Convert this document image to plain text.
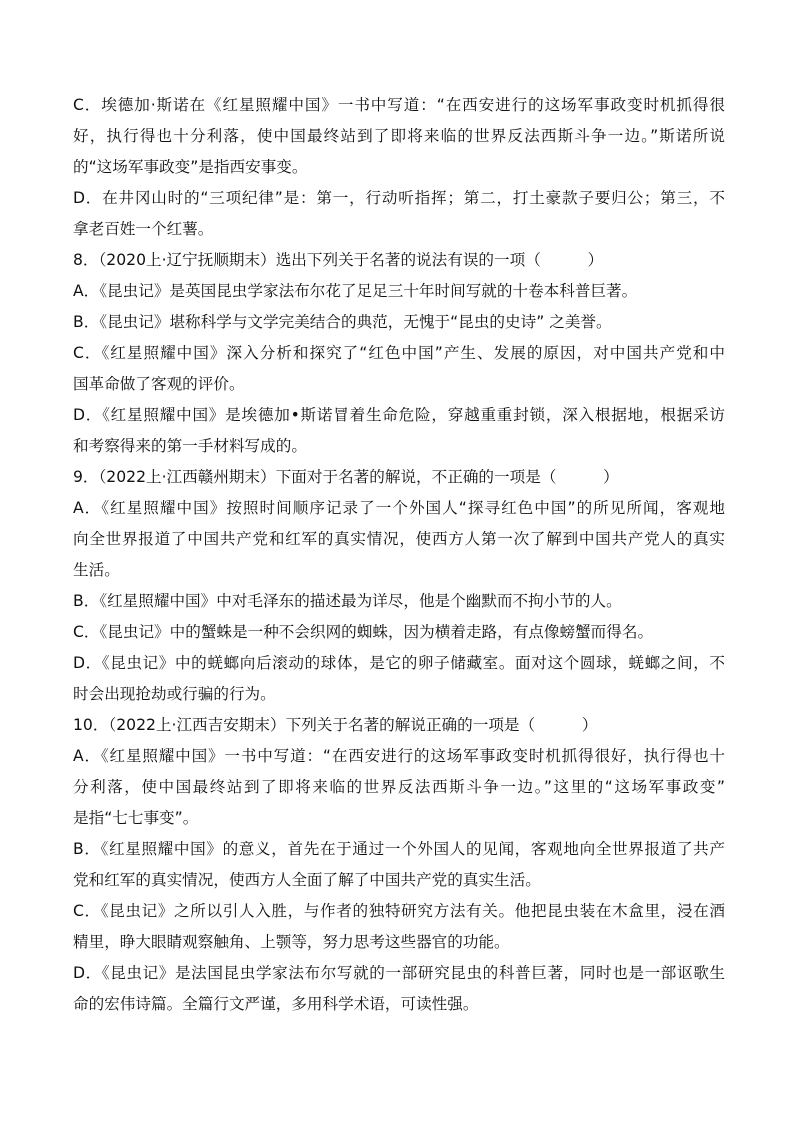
C．埃德加·斯诺在《红星照耀中国》一书中写道：“在西安进行的这场军事政变时机抓得很
好，执行得也十分利落，使中国最终站到了即将来临的世界反法西斯斗争一边。”斯诺所说
的“这场军事政变”是指西安事变。
D．在井冈山时的“三项纪律”是：第一，行动听指挥；第二，打土豪款子要归公；第三，不
拿老百姓一个红薯。
8．（2020上·辽宁抚顺期末）选出下列关于名著的说法有误的一项（　　　）
A．《昆虫记》是英国昆虫学家法布尔花了足足三十年时间写就的十卷本科普巨著。
B．《昆虫记》堪称科学与文学完美结合的典范，无愧于“昆虫的史诗” 之美誉。
C．《红星照耀中国》深入分析和探究了“红色中国”产生、发展的原因，对中国共产党和中
国革命做了客观的评价。
D．《红星照耀中国》是埃德加•斯诺冒着生命危险，穿越重重封锁，深入根据地，根据采访
和考察得来的第一手材料写成的。
9．（2022上·江西赣州期末）下面对于名著的解说，不正确的一项是（　　　）
A．《红星照耀中国》按照时间顺序记录了一个外国人“探寻红色中国”的所见所闻，客观地
向全世界报道了中国共产党和红军的真实情况，使西方人第一次了解到中国共产党人的真实
生活。
B．《红星照耀中国》中对毛泽东的描述最为详尽，他是个幽默而不拘小节的人。
C．《昆虫记》中的蟹蛛是一种不会织网的蜘蛛，因为横着走路，有点像螃蟹而得名。
D．《昆虫记》中的蜣螂向后滚动的球体，是它的卵子储藏室。面对这个圆球，蜣螂之间，不
时会出现抢劫或行骗的行为。
10．（2022上·江西吉安期末）下列关于名著的解说正确的一项是（　　　）
A．《红星照耀中国》一书中写道：“在西安进行的这场军事政变时机抓得很好，执行得也十
分利落，使中国最终站到了即将来临的世界反法西斯斗争一边。”这里的“这场军事政变”
是指“七七事变”。
B．《红星照耀中国》的意义，首先在于通过一个外国人的见闻，客观地向全世界报道了共产
党和红军的真实情况，使西方人全面了解了中国共产党的真实生活。
C．《昆虫记》之所以引人入胜，与作者的独特研究方法有关。他把昆虫装在木盒里，浸在酒
精里，睁大眼睛观察触角、上颚等，努力思考这些器官的功能。
D．《昆虫记》是法国昆虫学家法布尔写就的一部研究昆虫的科普巨著，同时也是一部讴歌生
命的宏伟诗篇。全篇行文严谨，多用科学术语，可读性强。
